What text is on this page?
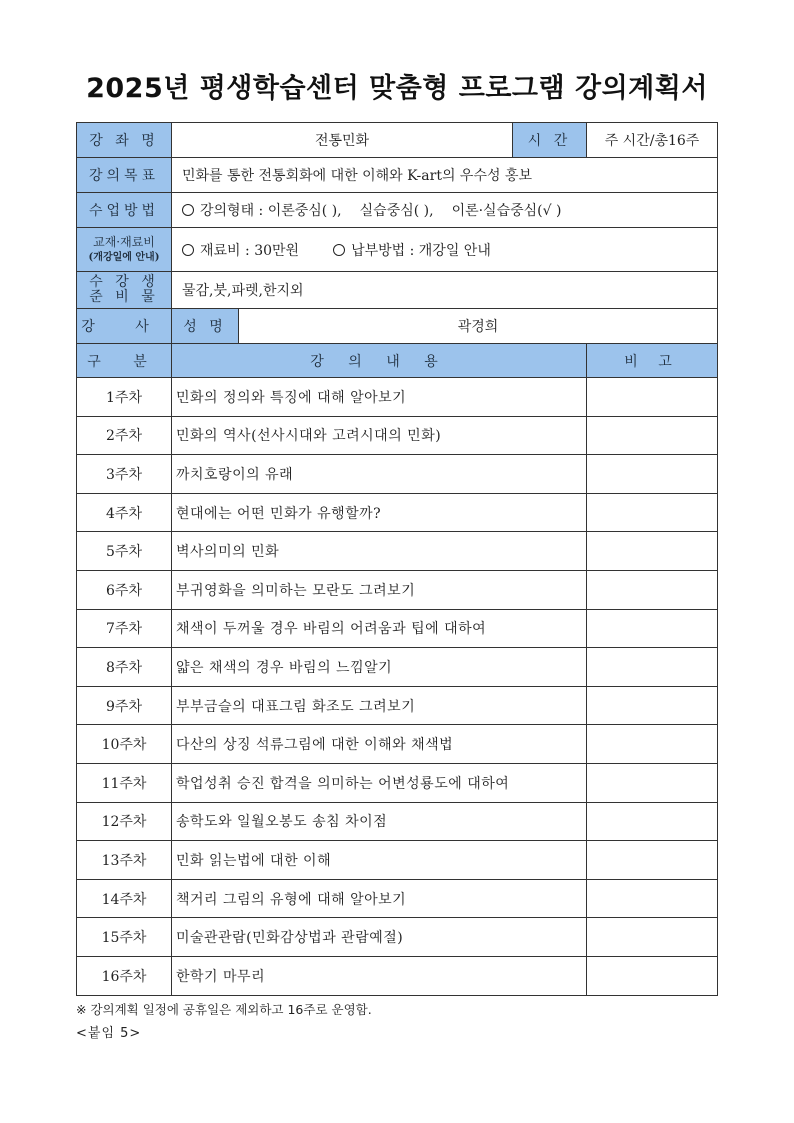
2025년 평생학습센터 맞춤형 프로그램 강의계획서
강 좌 명	전통민화		시 간	주 시간/총16주
강의목표	민화를 통한 전통회화에 대한 이해와 K-art의 우수성 홍보			
수업방법	강의형태 : 이론중심( ), 실습중심( ), 이론·실습중심(√ )			

교재·재료비
(개강일에 안내)	재료비 : 30만원 납부방법 : 개강일 안내			

수 강 생
준 비 물	물감,붓,파렛,한지외			
강 사	성 명	곽경희		
구 분	강 의 내 용			비 고
1주차	민화의 정의와 특징에 대해 알아보기			
2주차	민화의 역사(선사시대와 고려시대의 민화)			
3주차	까치호랑이의 유래			
4주차	현대에는 어떤 민화가 유행할까?			
5주차	벽사의미의 민화			
6주차	부귀영화을 의미하는 모란도 그려보기			
7주차	채색이 두꺼울 경우 바림의 어려움과 팁에 대하여			
8주차	얇은 채색의 경우 바림의 느낌알기			
9주차	부부금슬의 대표그림 화조도 그려보기			
10주차	다산의 상징 석류그림에 대한 이해와 채색법			
11주차	학업성취 승진 합격을 의미하는 어변성룡도에 대하여			
12주차	송학도와 일월오봉도 송침 차이점			
13주차	민화 읽는법에 대한 이해			
14주차	책거리 그림의 유형에 대해 알아보기			
15주차	미술관관람(민화감상법과 관람예절)			
16주차	한학기 마무리			
※ 강의계획 일정에 공휴일은 제외하고 16주로 운영함.
<붙임 5>
